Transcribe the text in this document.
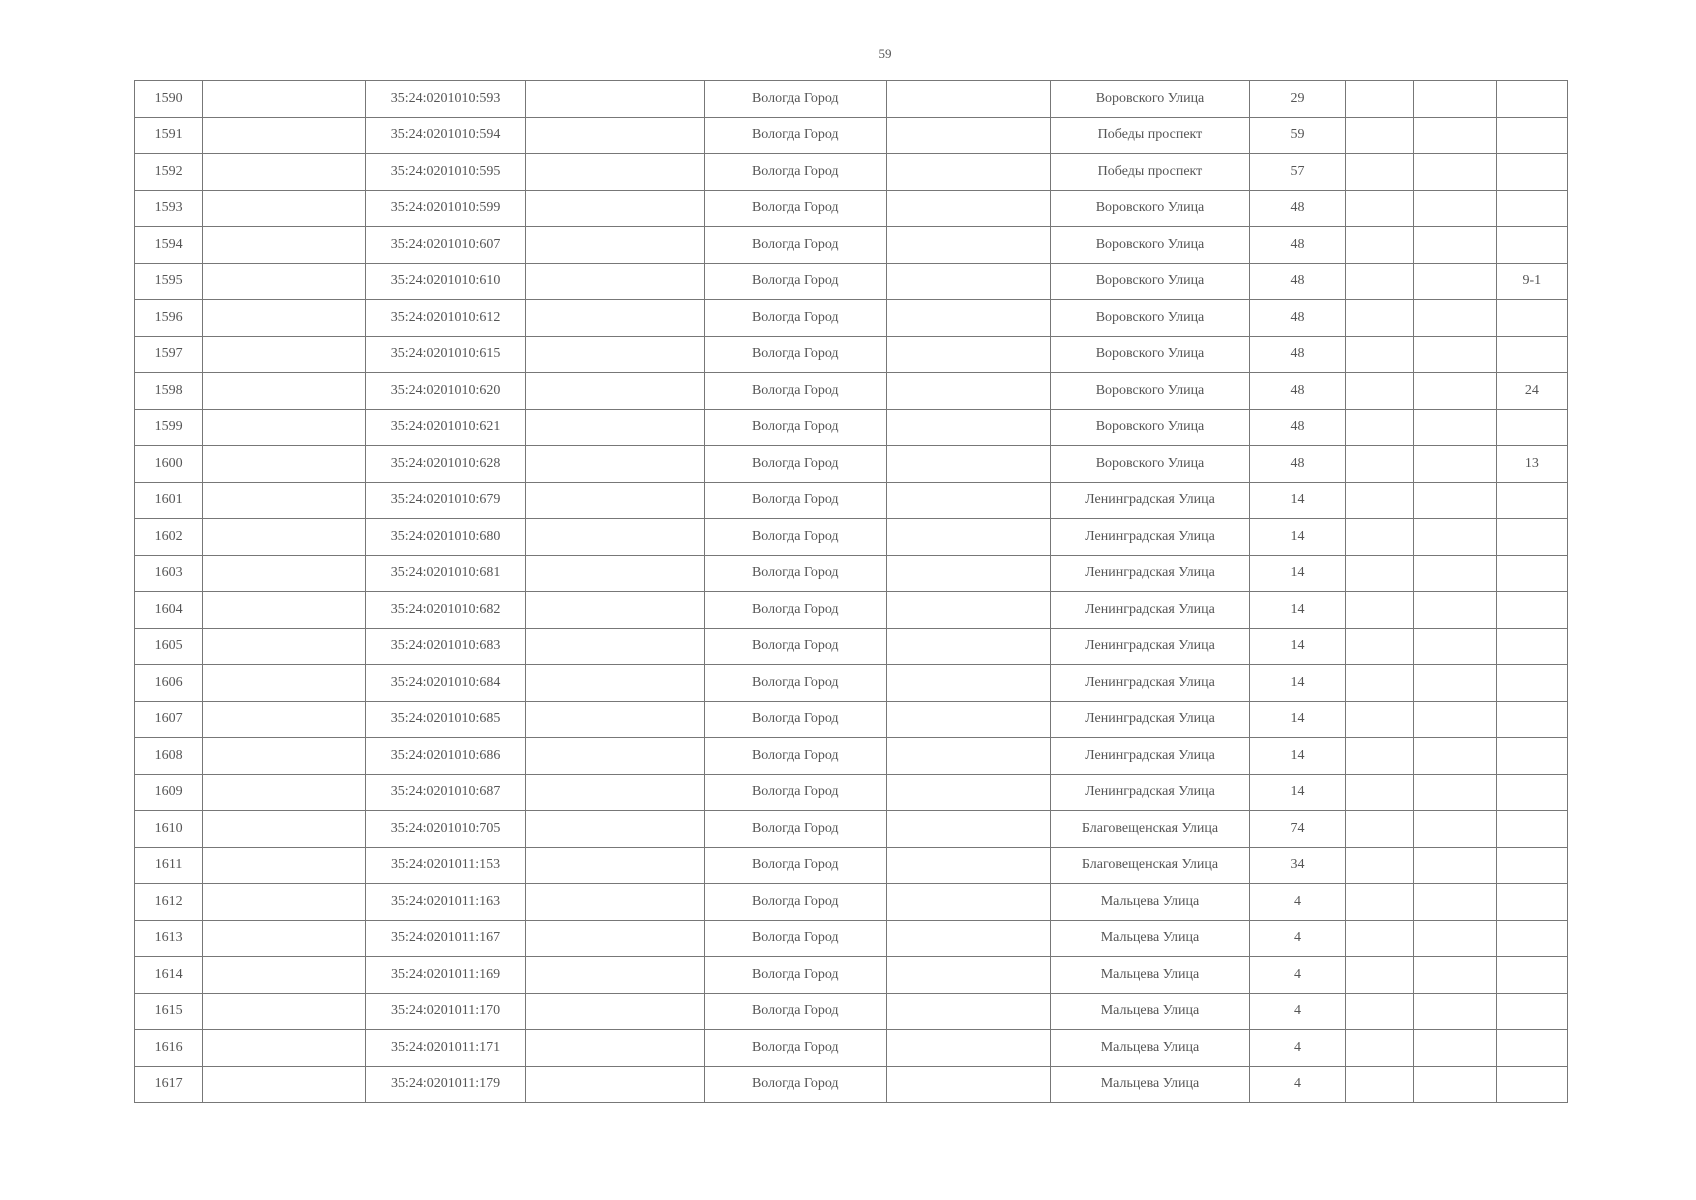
59
1590		35:24:0201010:593		Вологда Город		Воровского Улица	29			
1591		35:24:0201010:594		Вологда Город		Победы проспект	59			
1592		35:24:0201010:595		Вологда Город		Победы проспект	57			
1593		35:24:0201010:599		Вологда Город		Воровского Улица	48			
1594		35:24:0201010:607		Вологда Город		Воровского Улица	48			
1595		35:24:0201010:610		Вологда Город		Воровского Улица	48			9-1
1596		35:24:0201010:612		Вологда Город		Воровского Улица	48			
1597		35:24:0201010:615		Вологда Город		Воровского Улица	48			
1598		35:24:0201010:620		Вологда Город		Воровского Улица	48			24
1599		35:24:0201010:621		Вологда Город		Воровского Улица	48			
1600		35:24:0201010:628		Вологда Город		Воровского Улица	48			13
1601		35:24:0201010:679		Вологда Город		Ленинградская Улица	14			
1602		35:24:0201010:680		Вологда Город		Ленинградская Улица	14			
1603		35:24:0201010:681		Вологда Город		Ленинградская Улица	14			
1604		35:24:0201010:682		Вологда Город		Ленинградская Улица	14			
1605		35:24:0201010:683		Вологда Город		Ленинградская Улица	14			
1606		35:24:0201010:684		Вологда Город		Ленинградская Улица	14			
1607		35:24:0201010:685		Вологда Город		Ленинградская Улица	14			
1608		35:24:0201010:686		Вологда Город		Ленинградская Улица	14			
1609		35:24:0201010:687		Вологда Город		Ленинградская Улица	14			
1610		35:24:0201010:705		Вологда Город		Благовещенская Улица	74			
1611		35:24:0201011:153		Вологда Город		Благовещенская Улица	34			
1612		35:24:0201011:163		Вологда Город		Мальцева Улица	4			
1613		35:24:0201011:167		Вологда Город		Мальцева Улица	4			
1614		35:24:0201011:169		Вологда Город		Мальцева Улица	4			
1615		35:24:0201011:170		Вологда Город		Мальцева Улица	4			
1616		35:24:0201011:171		Вологда Город		Мальцева Улица	4			
1617		35:24:0201011:179		Вологда Город		Мальцева Улица	4			
